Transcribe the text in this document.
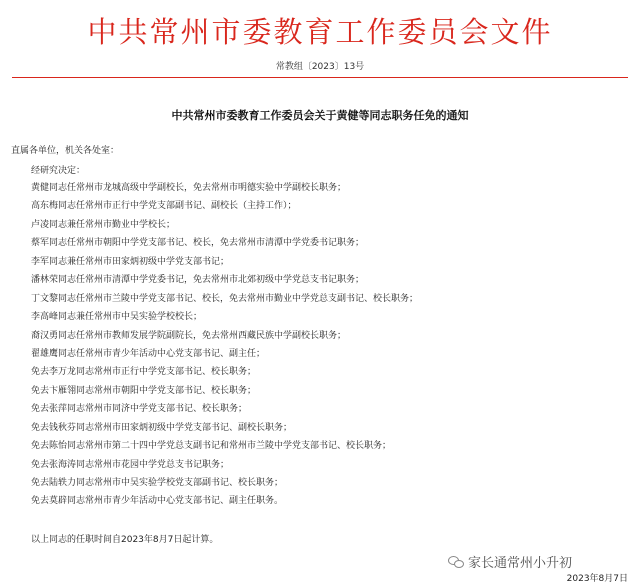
中共常州市委教育工作委员会文件
常教组〔2023〕13号
中共常州市委教育工作委员会关于黄健等同志职务任免的通知
直属各单位，机关各处室：
经研究决定：
黄健同志任常州市龙城高级中学副校长，免去常州市明德实验中学副校长职务；
高东梅同志任常州市正行中学党支部副书记、副校长（主持工作）；
卢凌同志兼任常州市勤业中学校长；
蔡军同志任常州市朝阳中学党支部书记、校长，免去常州市清潭中学党委书记职务；
李军同志兼任常州市田家炳初级中学党支部书记；
潘林荣同志任常州市清潭中学党委书记，免去常州市北郊初级中学党总支书记职务；
丁文黎同志任常州市兰陵中学党支部书记、校长，免去常州市勤业中学党总支副书记、校长职务；
李高峰同志兼任常州市中吴实验学校校长；
裔汉勇同志任常州市教师发展学院副院长，免去常州西藏民族中学副校长职务；
翟雄鹰同志任常州市青少年活动中心党支部书记、副主任；
免去李万龙同志常州市正行中学党支部书记、校长职务；
免去卞雁翎同志常州市朝阳中学党支部书记、校长职务；
免去张萍同志常州市同济中学党支部书记、校长职务；
免去钱秋芬同志常州市田家炳初级中学党支部书记、副校长职务；
免去陈怡同志常州市第二十四中学党总支副书记和常州市兰陵中学党支部书记、校长职务；
免去张海涛同志常州市花园中学党总支书记职务；
免去陆轶力同志常州市中吴实验学校党支部副书记、校长职务；
免去莫辟同志常州市青少年活动中心党支部书记、副主任职务。
以上同志的任职时间自2023年8月7日起计算。
家长通常州小升初
2023年8月7日
